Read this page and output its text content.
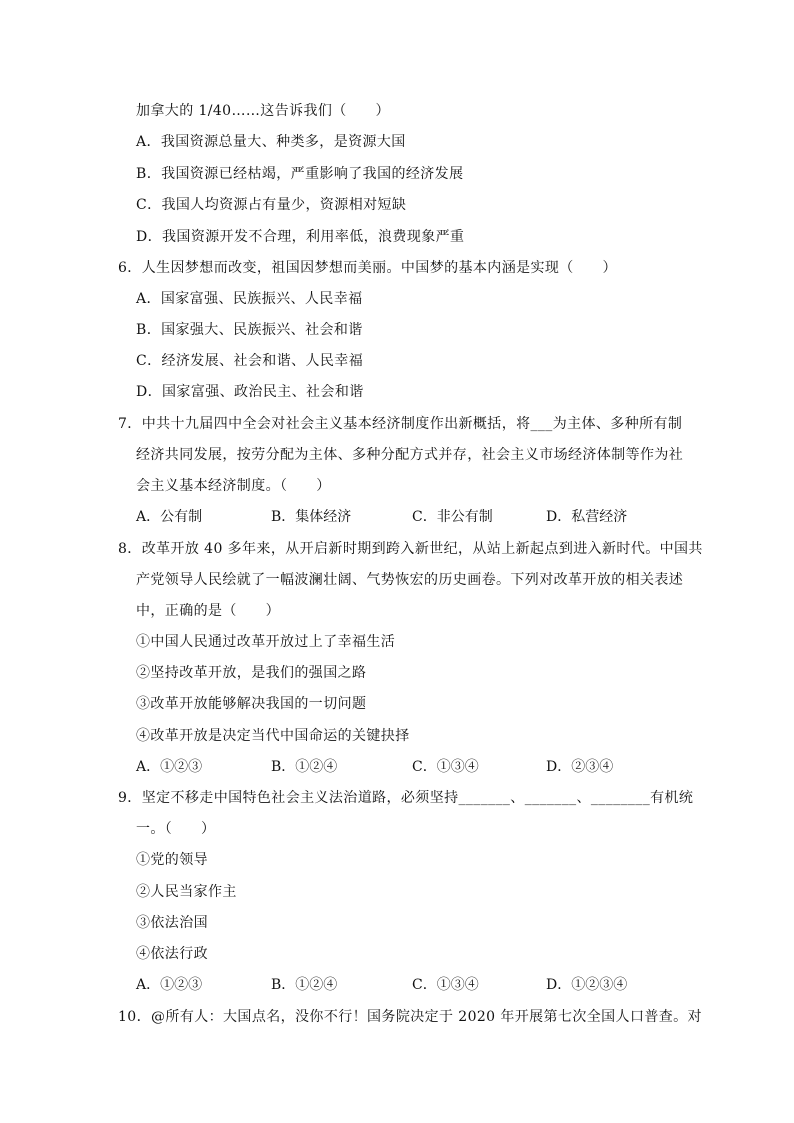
加拿大的 1/40……这告诉我们（　　）
A．我国资源总量大、种类多，是资源大国
B．我国资源已经枯竭，严重影响了我国的经济发展
C．我国人均资源占有量少，资源相对短缺
D．我国资源开发不合理，利用率低，浪费现象严重
6．人生因梦想而改变，祖国因梦想而美丽。中国梦的基本内涵是实现（　　）
A．国家富强、民族振兴、人民幸福
B．国家强大、民族振兴、社会和谐
C．经济发展、社会和谐、人民幸福
D．国家富强、政治民主、社会和谐
7．中共十九届四中全会对社会主义基本经济制度作出新概括，将___为主体、多种所有制
经济共同发展，按劳分配为主体、多种分配方式并存，社会主义市场经济体制等作为社
会主义基本经济制度。（　　）
A．公有制	B．集体经济	C．非公有制	D．私营经济
8．改革开放 40 多年来，从开启新时期到跨入新世纪，从站上新起点到进入新时代。中国共
产党领导人民绘就了一幅波澜壮阔、气势恢宏的历史画卷。下列对改革开放的相关表述
中，正确的是（　　）
①中国人民通过改革开放过上了幸福生活
②坚持改革开放，是我们的强国之路
③改革开放能够解决我国的一切问题
④改革开放是决定当代中国命运的关键抉择
A．①②③	B．①②④	C．①③④	D．②③④
9．坚定不移走中国特色社会主义法治道路，必须坚持_______、_______、________有机统
一。（　　）
①党的领导
②人民当家作主
③依法治国
④依法行政
A．①②③	B．①②④	C．①③④	D．①②③④
10．@所有人：大国点名，没你不行！国务院决定于 2020 年开展第七次全国人口普查。对
